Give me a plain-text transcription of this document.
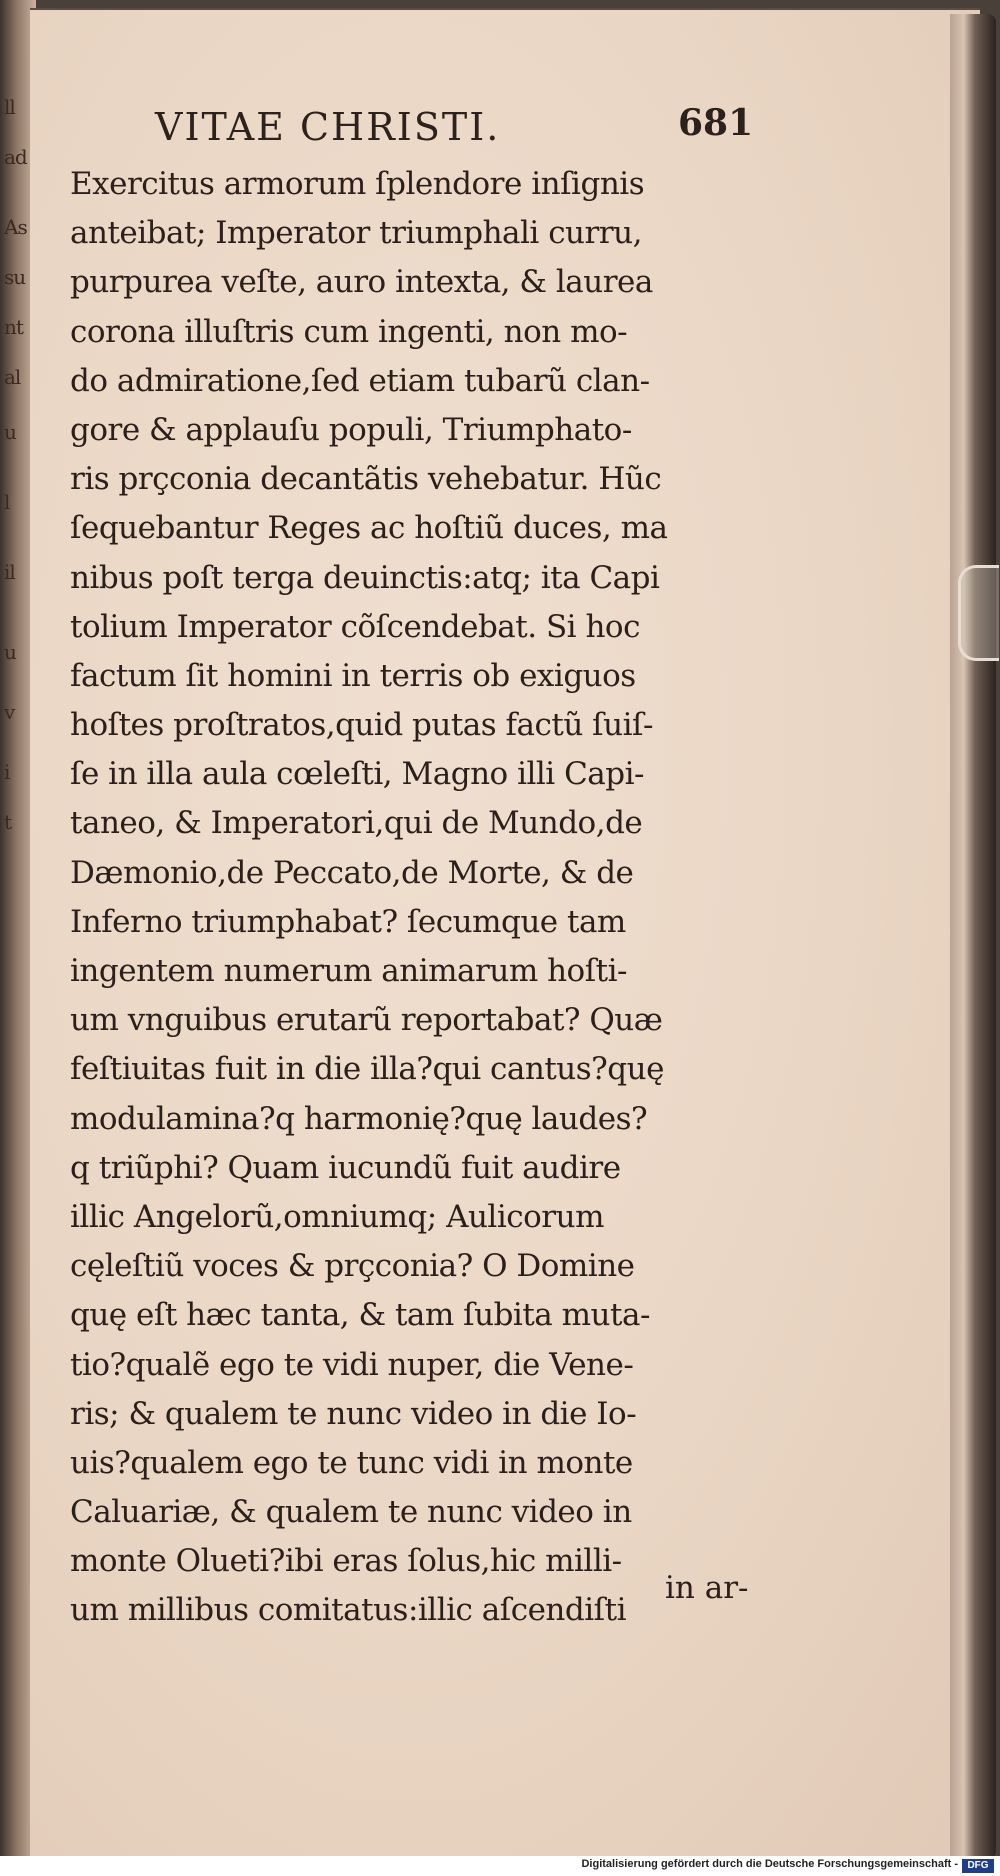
ll
ad
As
su
nt
al
u
l
il
u
v
i
t
VITAE CHRISTI.	681
Exercitus armorum ſplendore inſignis
anteibat; Imperator triumphali curru,
purpurea veſte, auro intexta, & laurea
corona illuſtris cum ingenti, non mo-
do admiratione,ſed etiam tubarũ clan-
gore & applauſu populi, Triumphato-
ris prçconia decantãtis vehebatur. Hũc
ſequebantur Reges ac hoſtiũ duces, ma
nibus poſt terga deuinctis:atq; ita Capi
tolium Imperator cõſcendebat. Si hoc
factum ſit homini in terris ob exiguos
hoſtes proſtratos,quid putas factũ ſuiſ-
ſe in illa aula cœleſti, Magno illi Capi-
taneo, & Imperatori,qui de Mundo,de
Dæmonio,de Peccato,de Morte, & de
Inferno triumphabat? ſecumque tam
ingentem numerum animarum hoſti-
um vnguibus erutarũ reportabat? Quæ
feſtiuitas fuit in die illa?qui cantus?quę
modulamina?q harmonię?quę laudes?
q triũphi? Quam iucundũ fuit audire
illic Angelorũ,omniumq; Aulicorum
cęleſtiũ voces & prçconia? O Domine
quę eſt hæc tanta, & tam ſubita muta-
tio?qualẽ ego te vidi nuper, die Vene-
ris; & qualem te nunc video in die Io-
uis?qualem ego te tunc vidi in monte
Caluariæ, & qualem te nunc video in
monte Olueti?ibi eras ſolus,hic milli-
um millibus comitatus:illic aſcendiſti
in ar-
Digitalisierung gefördert durch die Deutsche Forschungsgemeinschaft - DFG
